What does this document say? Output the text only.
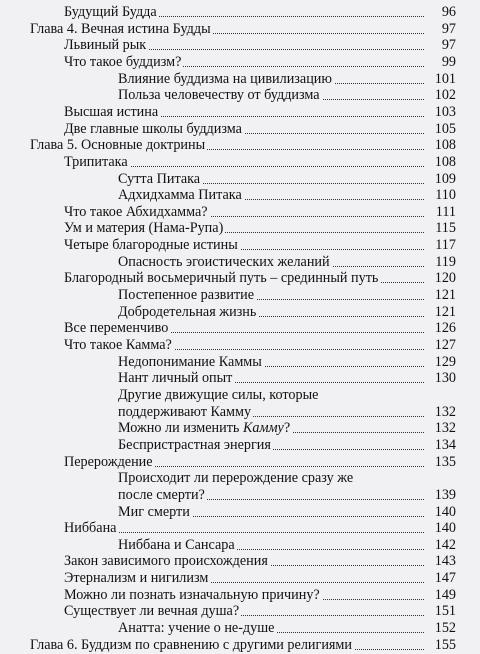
Будущий Будда	96
Глава 4. Вечная истина Будды	97
Львиный рык	97
Что такое буддизм?	99
Влияние буддизма на цивилизацию	101
Польза человечеству от буддизма	102
Высшая истина	103
Две главные школы буддизма	105
Глава 5. Основные доктрины	108
Трипитака	108
Сутта Питака	109
Адхидхамма Питака	110
Что такое Абхидхамма?	111
Ум и материя (Нама-Рупа)	115
Четыре благородные истины	117
Опасность эгоистических желаний	119
Благородный восьмеричный путь – срединный путь	120
Постепенное развитие	121
Добродетельная жизнь	121
Все переменчиво	126
Что такое Камма?	127
Недопонимание Каммы	129
Нант личный опыт	130
Другие движущие силы, которые
поддерживают Камму	132
Можно ли изменить Камму?	132
Беспристрастная энергия	134
Перерождение	135
Происходит ли перерождение сразу же
после смерти?	139
Миг смерти	140
Ниббана	140
Ниббана и Сансара	142
Закон зависимого происхождения	143
Этернализм и нигилизм	147
Можно ли познать изначальную причину?	149
Существует ли вечная душа?	151
Анатта: учение о не-душе	152
Глава 6. Буддизм по сравнению с другими религиями	155
